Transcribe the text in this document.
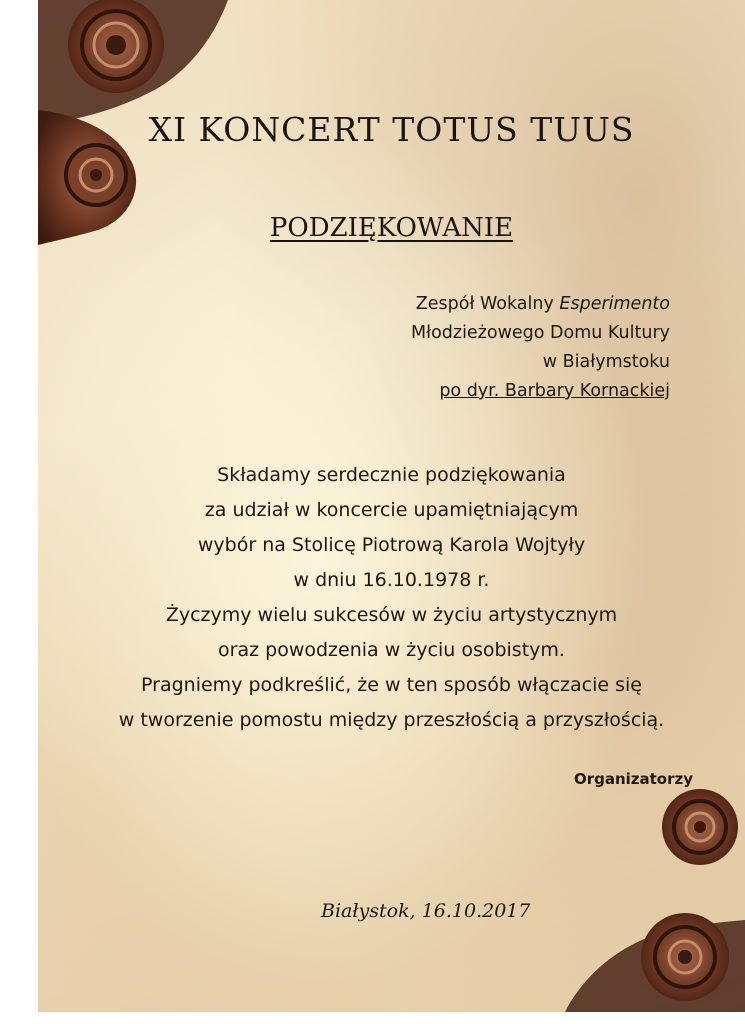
XI KONCERT TOTUS TUUS
PODZIĘKOWANIE
Zespół Wokalny Esperimento
Młodzieżowego Domu Kultury
w Białymstoku
po dyr. Barbary Kornackiej
Składamy serdecznie podziękowania
za udział w koncercie upamiętniającym
wybór na Stolicę Piotrową Karola Wojtyły
w dniu 16.10.1978 r.
Życzymy wielu sukcesów w życiu artystycznym
oraz powodzenia w życiu osobistym.
Pragniemy podkreślić, że w ten sposób włączacie się
w tworzenie pomostu między przeszłością a przyszłością.
Organizatorzy
Białystok, 16.10.2017
